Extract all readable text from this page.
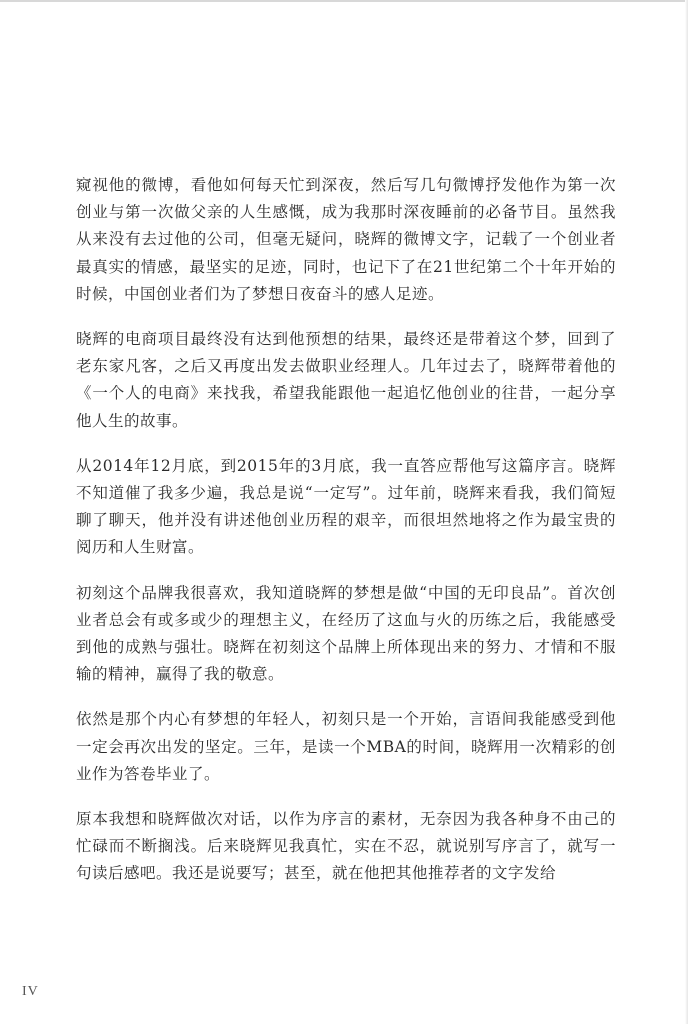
窥视他的微博，看他如何每天忙到深夜，然后写几句微博抒发他作为第一次创业与第一次做父亲的人生感慨，成为我那时深夜睡前的必备节目。虽然我从来没有去过他的公司，但毫无疑问，晓辉的微博文字，记载了一个创业者最真实的情感，最坚实的足迹，同时，也记下了在21世纪第二个十年开始的时候，中国创业者们为了梦想日夜奋斗的感人足迹。

晓辉的电商项目最终没有达到他预想的结果，最终还是带着这个梦，回到了老东家凡客，之后又再度出发去做职业经理人。几年过去了，晓辉带着他的《一个人的电商》来找我，希望我能跟他一起追忆他创业的往昔，一起分享他人生的故事。

从2014年12月底，到2015年的3月底，我一直答应帮他写这篇序言。晓辉不知道催了我多少遍，我总是说“一定写”。过年前，晓辉来看我，我们简短聊了聊天，他并没有讲述他创业历程的艰辛，而很坦然地将之作为最宝贵的阅历和人生财富。

初刻这个品牌我很喜欢，我知道晓辉的梦想是做“中国的无印良品”。首次创业者总会有或多或少的理想主义，在经历了这血与火的历练之后，我能感受到他的成熟与强壮。晓辉在初刻这个品牌上所体现出来的努力、才情和不服输的精神，赢得了我的敬意。

依然是那个内心有梦想的年轻人，初刻只是一个开始，言语间我能感受到他一定会再次出发的坚定。三年，是读一个MBA的时间，晓辉用一次精彩的创业作为答卷毕业了。

原本我想和晓辉做次对话，以作为序言的素材，无奈因为我各种身不由己的忙碌而不断搁浅。后来晓辉见我真忙，实在不忍，就说别写序言了，就写一句读后感吧。我还是说要写；甚至，就在他把其他推荐者的文字发给

IV
